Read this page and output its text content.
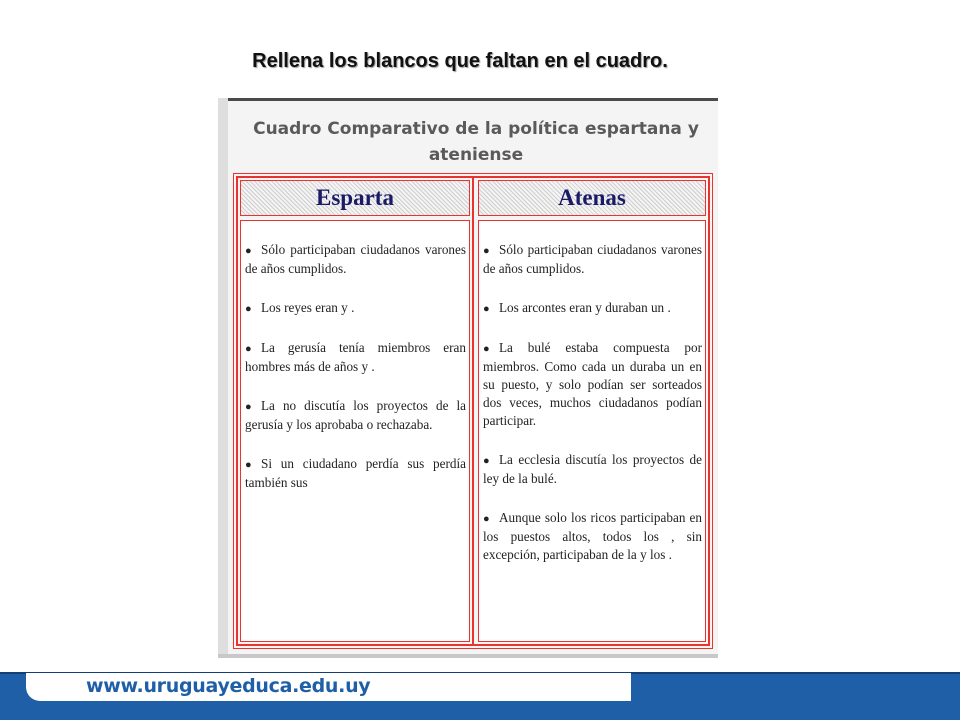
Rellena los blancos que faltan en el cuadro.
Cuadro Comparativo de la política espartana y ateniense
Esparta
● Sólo participaban ciudadanos varones de años cumplidos.
● Los reyes eran y .
● La gerusía tenía miembros eran hombres más de años y .
● La no discutía los proyectos de la gerusía y los aprobaba o rechazaba.
● Si un ciudadano perdía sus perdía también sus
Atenas
● Sólo participaban ciudadanos varones de años cumplidos.
● Los arcontes eran y duraban un .
● La bulé estaba compuesta por miembros. Como cada un duraba un en su puesto, y solo podían ser sorteados dos veces, muchos ciudadanos podían participar.
● La ecclesia discutía los proyectos de ley de la bulé.
● Aunque solo los ricos participaban en los puestos altos, todos los , sin excepción, participaban de la y los .
www.uruguayeduca.edu.uy
